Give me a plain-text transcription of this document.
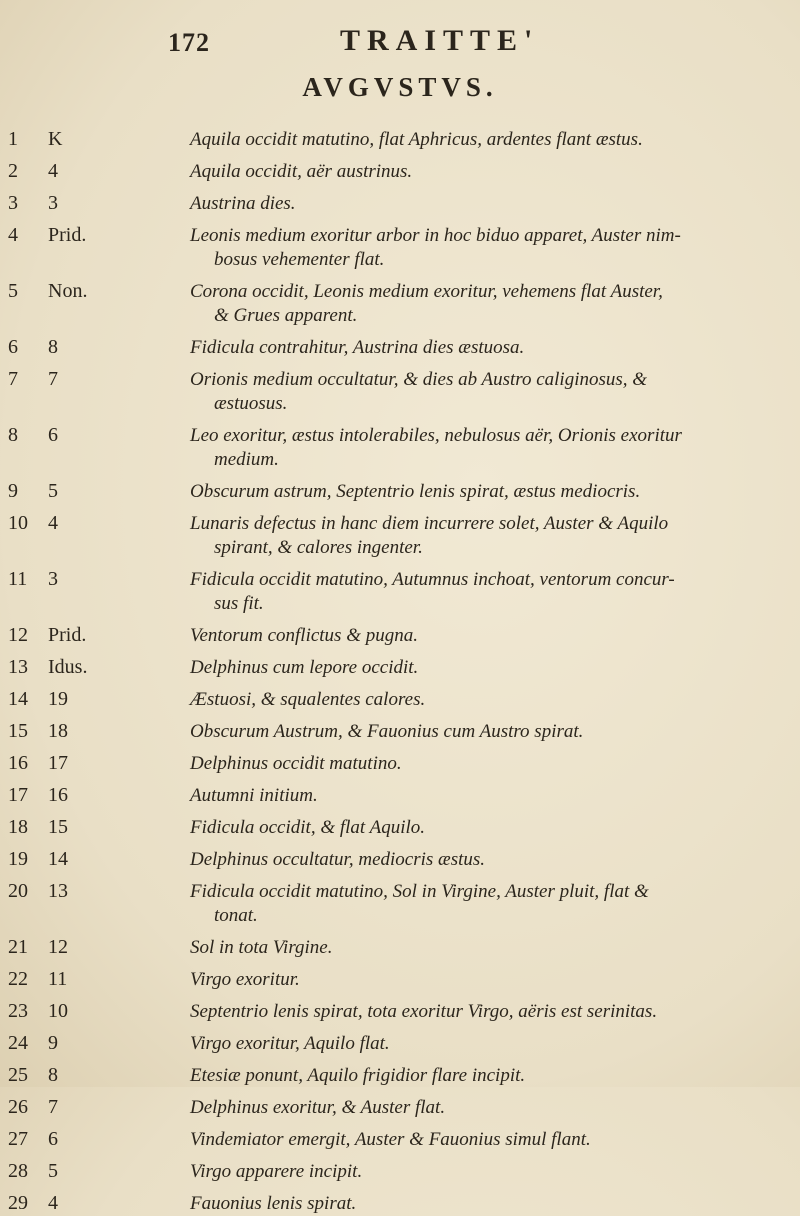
172	TRAITTE'
AVGVSTVS.
1	K	Aquila occidit matutino, flat Aphricus, ardentes flant æstus.
2	4	Aquila occidit, aër austrinus.
3	3	Austrina dies.
4	Prid.	Leonis medium exoritur arbor in hoc biduo apparet, Auster nim-
bosus vehementer flat.
5	Non.	Corona occidit, Leonis medium exoritur, vehemens flat Auster,
& Grues apparent.
6	8	Fidicula contrahitur, Austrina dies æstuosa.
7	7	Orionis medium occultatur, & dies ab Austro caliginosus, &
æstuosus.
8	6	Leo exoritur, æstus intolerabiles, nebulosus aër, Orionis exoritur
medium.
9	5	Obscurum astrum, Septentrio lenis spirat, æstus mediocris.
10	4	Lunaris defectus in hanc diem incurrere solet, Auster & Aquilo
spirant, & calores ingenter.
11	3	Fidicula occidit matutino, Autumnus inchoat, ventorum concur-
sus fit.
12	Prid.	Ventorum conflictus & pugna.
13	Idus.	Delphinus cum lepore occidit.
14	19	Æstuosi, & squalentes calores.
15	18	Obscurum Austrum, & Fauonius cum Austro spirat.
16	17	Delphinus occidit matutino.
17	16	Autumni initium.
18	15	Fidicula occidit, & flat Aquilo.
19	14	Delphinus occultatur, mediocris æstus.
20	13	Fidicula occidit matutino, Sol in Virgine, Auster pluit, flat &
tonat.
21	12	Sol in tota Virgine.
22	11	Virgo exoritur.
23	10	Septentrio lenis spirat, tota exoritur Virgo, aëris est serinitas.
24	9	Virgo exoritur, Aquilo flat.
25	8	Etesiæ ponunt, Aquilo frigidior flare incipit.
26	7	Delphinus exoritur, & Auster flat.
27	6	Vindemiator emergit, Auster & Fauonius simul flant.
28	5	Virgo apparere incipit.
29	4	Fauonius lenis spirat.
